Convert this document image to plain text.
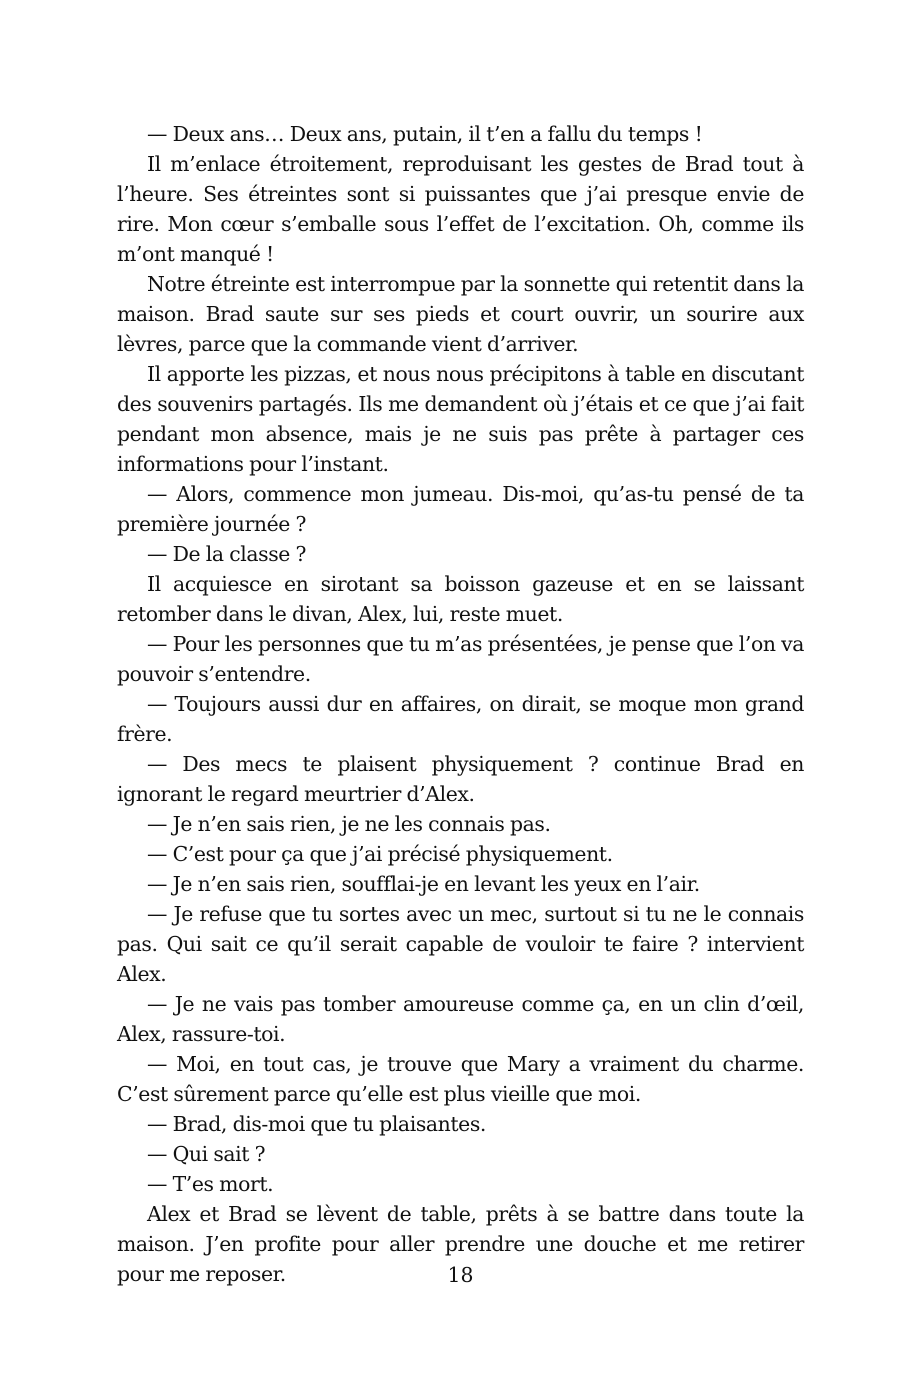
— Deux ans… Deux ans, putain, il t’en a fallu du temps !

Il m’enlace étroitement, reproduisant les gestes de Brad tout à l’heure. Ses étreintes sont si puissantes que j’ai presque envie de rire. Mon cœur s’emballe sous l’effet de l’excitation. Oh, comme ils m’ont manqué !

Notre étreinte est interrompue par la sonnette qui retentit dans la maison. Brad saute sur ses pieds et court ouvrir, un sourire aux lèvres, parce que la commande vient d’arriver.

Il apporte les pizzas, et nous nous précipitons à table en discutant des souvenirs partagés. Ils me demandent où j’étais et ce que j’ai fait pendant mon absence, mais je ne suis pas prête à partager ces informations pour l’instant.

— Alors, commence mon jumeau. Dis-moi, qu’as-tu pensé de ta première journée ?

— De la classe ?

Il acquiesce en sirotant sa boisson gazeuse et en se laissant retomber dans le divan, Alex, lui, reste muet.

— Pour les personnes que tu m’as présentées, je pense que l’on va pouvoir s’entendre.

— Toujours aussi dur en affaires, on dirait, se moque mon grand frère.

— Des mecs te plaisent physiquement ? continue Brad en ignorant le regard meurtrier d’Alex.

— Je n’en sais rien, je ne les connais pas.

— C’est pour ça que j’ai précisé physiquement.

— Je n’en sais rien, soufflai-je en levant les yeux en l’air.

— Je refuse que tu sortes avec un mec, surtout si tu ne le connais pas. Qui sait ce qu’il serait capable de vouloir te faire ? intervient Alex.

— Je ne vais pas tomber amoureuse comme ça, en un clin d’œil, Alex, rassure-toi.

— Moi, en tout cas, je trouve que Mary a vraiment du charme. C’est sûrement parce qu’elle est plus vieille que moi.

— Brad, dis-moi que tu plaisantes.

— Qui sait ?

— T’es mort.

Alex et Brad se lèvent de table, prêts à se battre dans toute la maison. J’en profite pour aller prendre une douche et me retirer pour me reposer.	18
